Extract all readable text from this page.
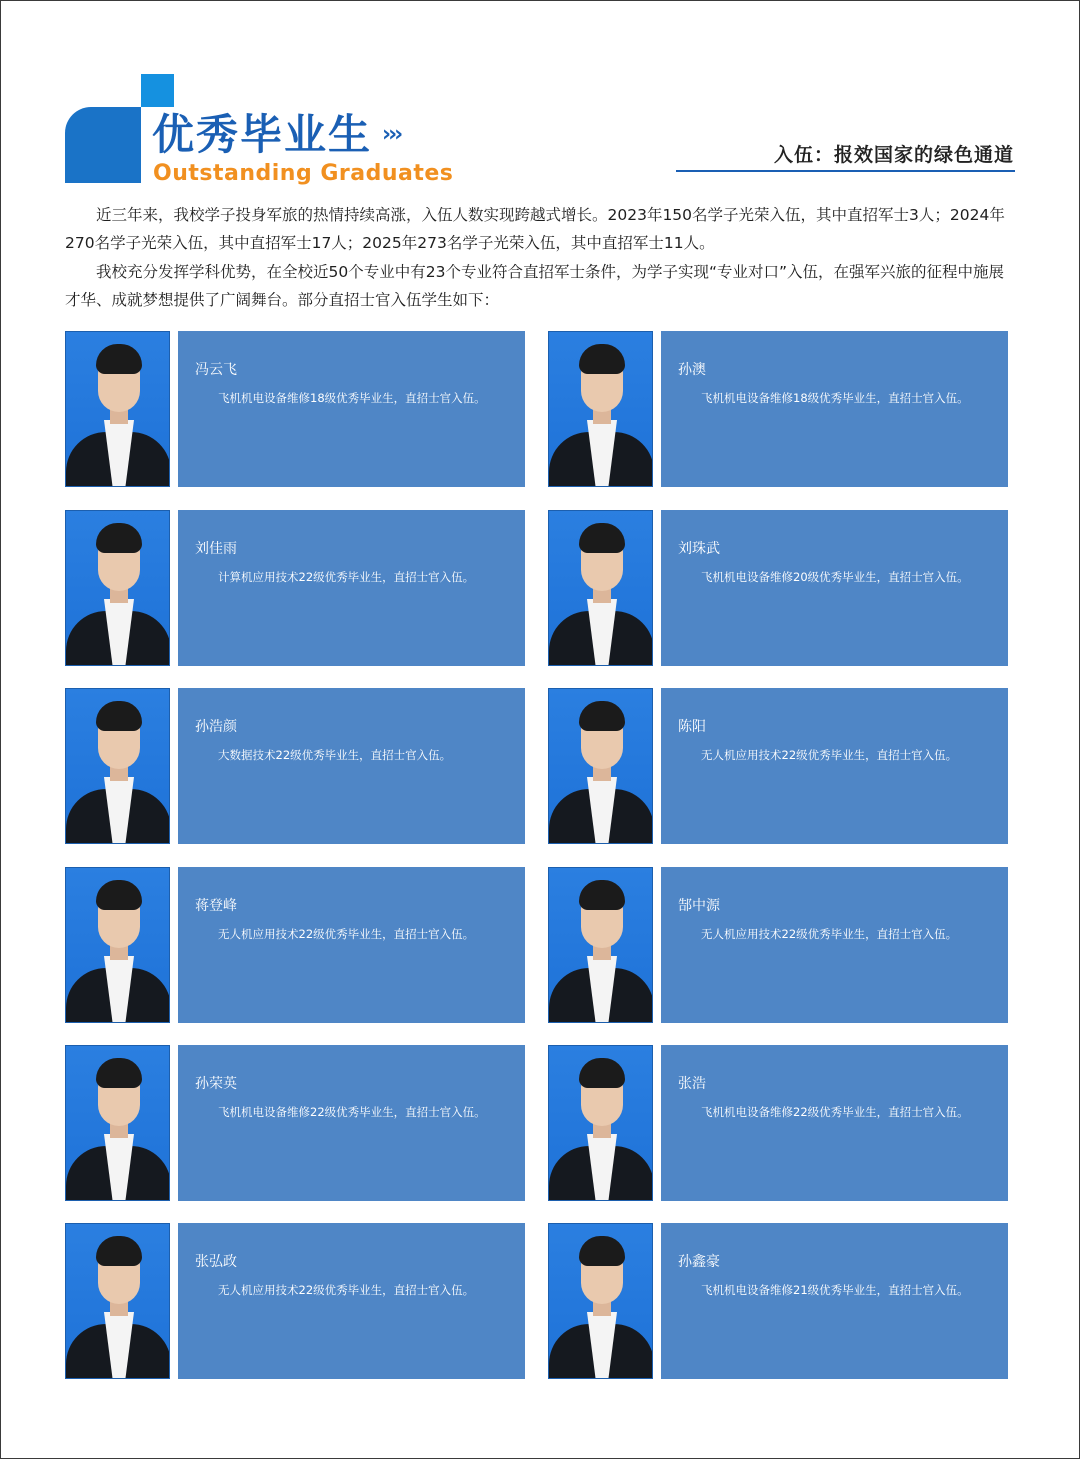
优秀毕业生 ›››
Outstanding Graduates
入伍：报效国家的绿色通道

近三年来，我校学子投身军旅的热情持续高涨，入伍人数实现跨越式增长。2023年150名学子光荣入伍，其中直招军士3人；2024年270名学子光荣入伍，其中直招军士17人；2025年273名学子光荣入伍，其中直招军士11人。

我校充分发挥学科优势，在全校近50个专业中有23个专业符合直招军士条件，为学子实现“专业对口”入伍，在强军兴旅的征程中施展才华、成就梦想提供了广阔舞台。部分直招士官入伍学生如下：

冯云飞
飞机机电设备维修18级优秀毕业生，直招士官入伍。
孙澳
飞机机电设备维修18级优秀毕业生，直招士官入伍。
刘佳雨
计算机应用技术22级优秀毕业生，直招士官入伍。
刘珠武
飞机机电设备维修20级优秀毕业生，直招士官入伍。
孙浩颜
大数据技术22级优秀毕业生，直招士官入伍。
陈阳
无人机应用技术22级优秀毕业生，直招士官入伍。
蒋登峰
无人机应用技术22级优秀毕业生，直招士官入伍。
郜中源
无人机应用技术22级优秀毕业生，直招士官入伍。
孙荣英
飞机机电设备维修22级优秀毕业生，直招士官入伍。
张浩
飞机机电设备维修22级优秀毕业生，直招士官入伍。
张弘政
无人机应用技术22级优秀毕业生，直招士官入伍。
孙鑫豪
飞机机电设备维修21级优秀毕业生，直招士官入伍。
